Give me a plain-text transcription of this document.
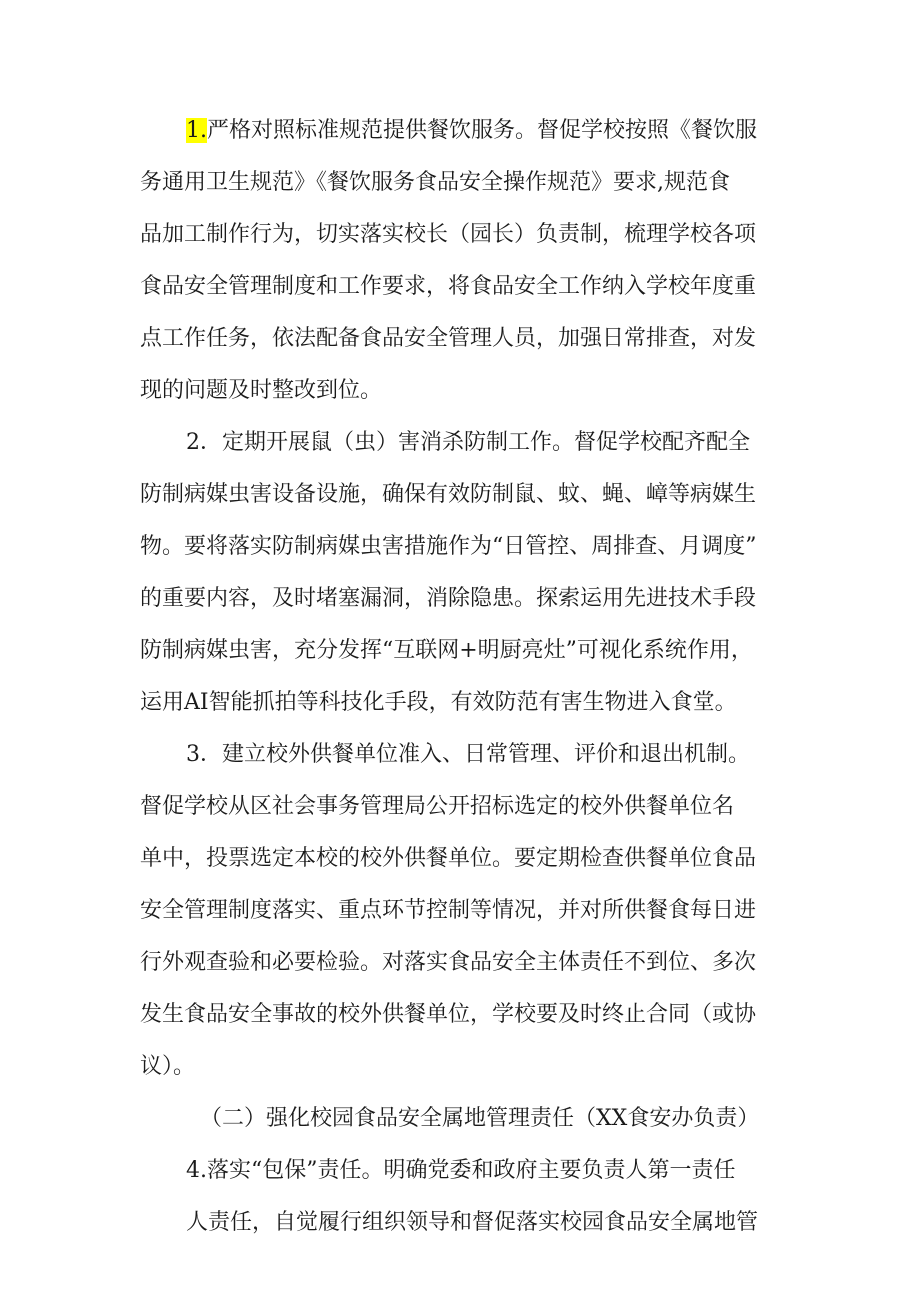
1.严格对照标准规范提供餐饮服务。督促学校按照《餐饮服
务通用卫生规范》《餐饮服务食品安全操作规范》要求,规范食
品加工制作行为，切实落实校长（园长）负责制，梳理学校各项
食品安全管理制度和工作要求，将食品安全工作纳入学校年度重
点工作任务，依法配备食品安全管理人员，加强日常排查，对发
现的问题及时整改到位。
2．定期开展鼠（虫）害消杀防制工作。督促学校配齐配全
防制病媒虫害设备设施，确保有效防制鼠、蚊、蝇、嶂等病媒生
物。要将落实防制病媒虫害措施作为“日管控、周排查、月调度”
的重要内容，及时堵塞漏洞，消除隐患。探索运用先进技术手段
防制病媒虫害，充分发挥“互联网+明厨亮灶”可视化系统作用，
运用AI智能抓拍等科技化手段，有效防范有害生物进入食堂。
3．建立校外供餐单位准入、日常管理、评价和退出机制。
督促学校从区社会事务管理局公开招标选定的校外供餐单位名
单中，投票选定本校的校外供餐单位。要定期检查供餐单位食品
安全管理制度落实、重点环节控制等情况，并对所供餐食每日进
行外观查验和必要检验。对落实食品安全主体责任不到位、多次
发生食品安全事故的校外供餐单位，学校要及时终止合同（或协
议）。
（二）强化校园食品安全属地管理责任（XX食安办负责）
4.落实“包保”责任。明确党委和政府主要负责人第一责任
人责任，自觉履行组织领导和督促落实校园食品安全属地管
